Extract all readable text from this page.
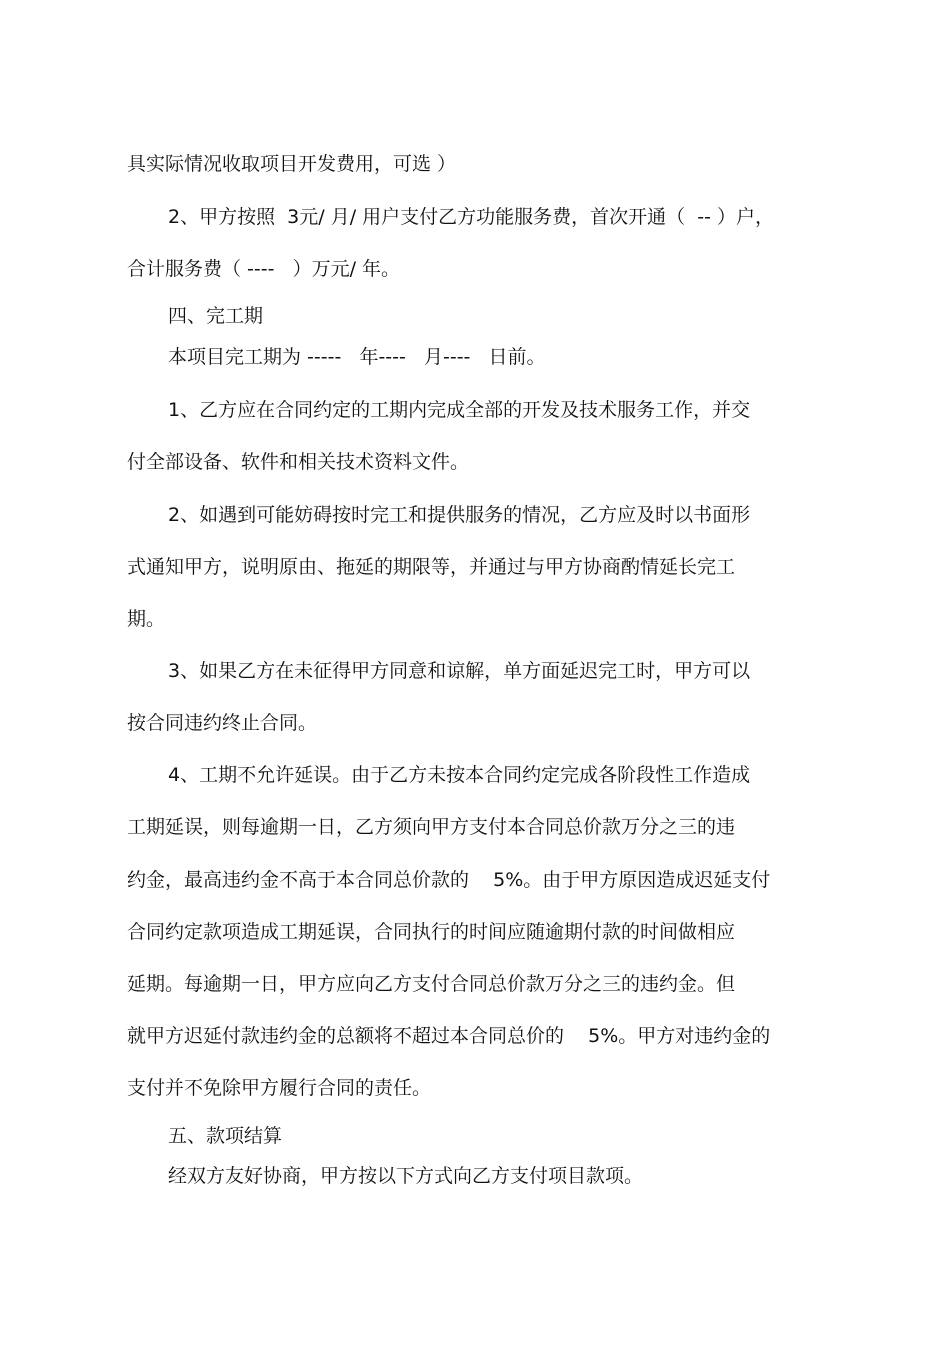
具实际情况收取项目开发费用，可选 ）

2、甲方按照  3元/ 月/ 用户支付乙方功能服务费，首次开通（  -- ）户，

合计服务费（ ----   ）万元/ 年。

四、完工期

本项目完工期为 -----   年----   月----   日前。

1、乙方应在合同约定的工期内完成全部的开发及技术服务工作，并交

付全部设备、软件和相关技术资料文件。

2、如遇到可能妨碍按时完工和提供服务的情况，乙方应及时以书面形

式通知甲方，说明原由、拖延的期限等，并通过与甲方协商酌情延长完工

期。

3、如果乙方在未征得甲方同意和谅解，单方面延迟完工时，甲方可以

按合同违约终止合同。

4、工期不允许延误。由于乙方未按本合同约定完成各阶段性工作造成

工期延误，则每逾期一日，乙方须向甲方支付本合同总价款万分之三的违

约金，最高违约金不高于本合同总价款的    5%。由于甲方原因造成迟延支付

合同约定款项造成工期延误，合同执行的时间应随逾期付款的时间做相应

延期。每逾期一日，甲方应向乙方支付合同总价款万分之三的违约金。但

就甲方迟延付款违约金的总额将不超过本合同总价的    5%。甲方对违约金的

支付并不免除甲方履行合同的责任。

五、款项结算

经双方友好协商，甲方按以下方式向乙方支付项目款项。
